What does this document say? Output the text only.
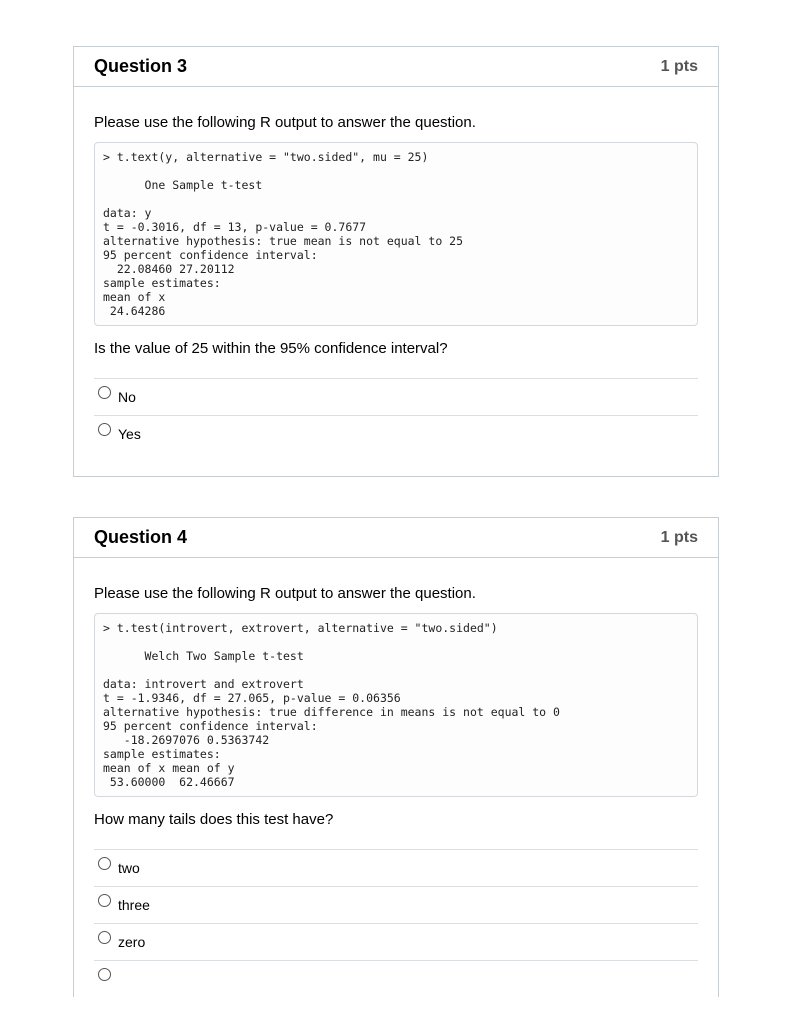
Question 3	1 pts
Please use the following R output to answer the question.
> t.text(y, alternative = "two.sided", mu = 25)

One Sample t-test

data: y
t = -0.3016, df = 13, p-value = 0.7677
alternative hypothesis: true mean is not equal to 25
95 percent confidence interval:
22.08460 27.20112
sample estimates:
mean of x
24.64286
Is the value of 25 within the 95% confidence interval?
No
Yes
Question 4	1 pts
Please use the following R output to answer the question.
> t.test(introvert, extrovert, alternative = "two.sided")

Welch Two Sample t-test

data: introvert and extrovert
t = -1.9346, df = 27.065, p-value = 0.06356
alternative hypothesis: true difference in means is not equal to 0
95 percent confidence interval:
-18.2697076 0.5363742
sample estimates:
mean of x mean of y
53.60000  62.46667
How many tails does this test have?
two
three
zero
